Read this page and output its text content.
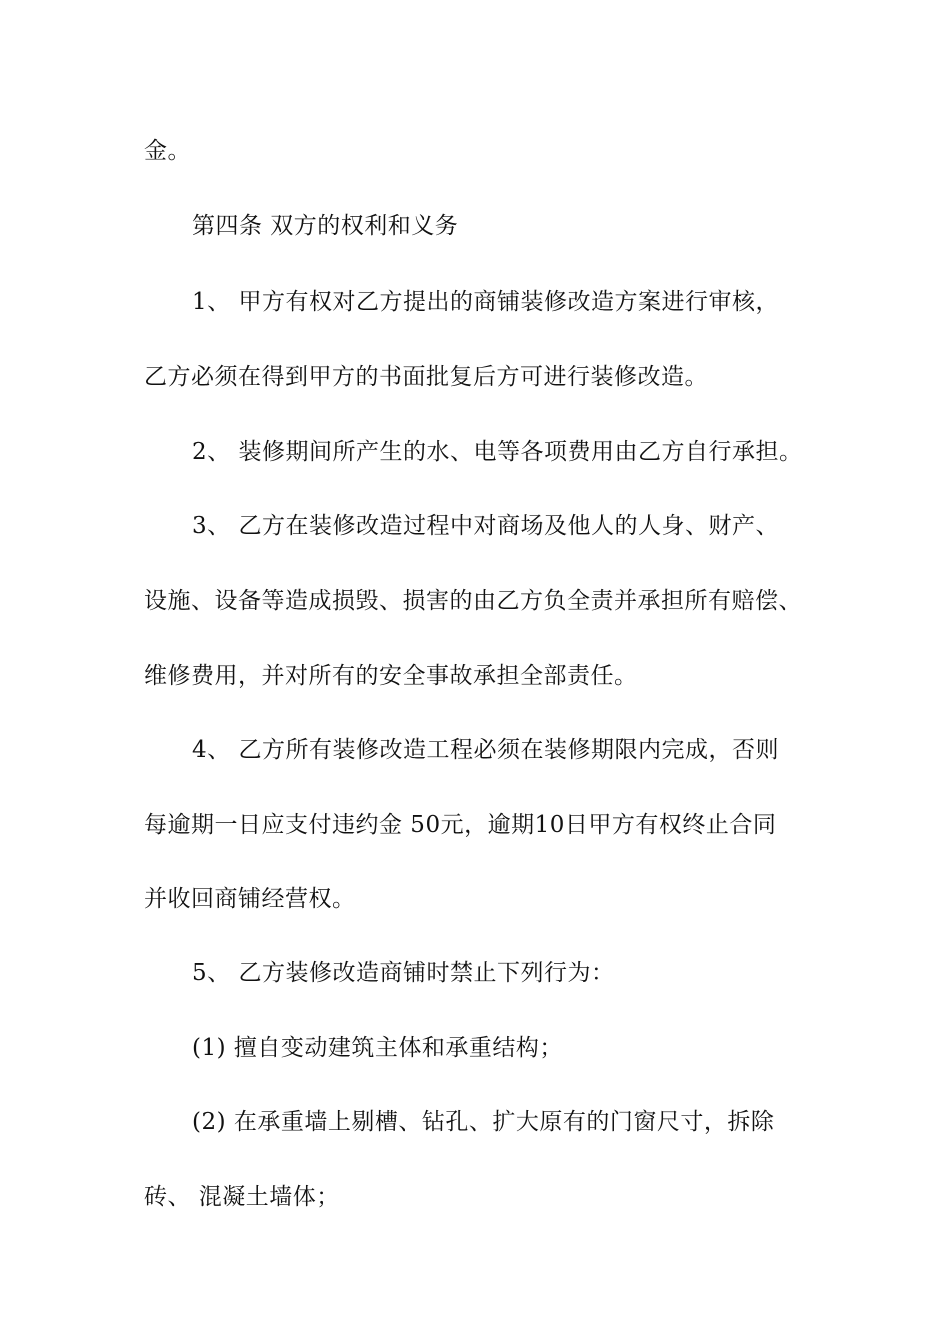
金。
第四条 双方的权利和义务
1、 甲方有权对乙方提出的商铺装修改造方案进行审核，
乙方必须在得到甲方的书面批复后方可进行装修改造。
2、 装修期间所产生的水、电等各项费用由乙方自行承担。
3、 乙方在装修改造过程中对商场及他人的人身、财产、
设施、设备等造成损毁、损害的由乙方负全责并承担所有赔偿、
维修费用，并对所有的安全事故承担全部责任。
4、 乙方所有装修改造工程必须在装修期限内完成，否则
每逾期一日应支付违约金 50元，逾期10日甲方有权终止合同
并收回商铺经营权。
5、 乙方装修改造商铺时禁止下列行为：
(1) 擅自变动建筑主体和承重结构；
(2) 在承重墙上剔槽、钻孔、扩大原有的门窗尺寸，拆除
砖、 混凝土墙体；
